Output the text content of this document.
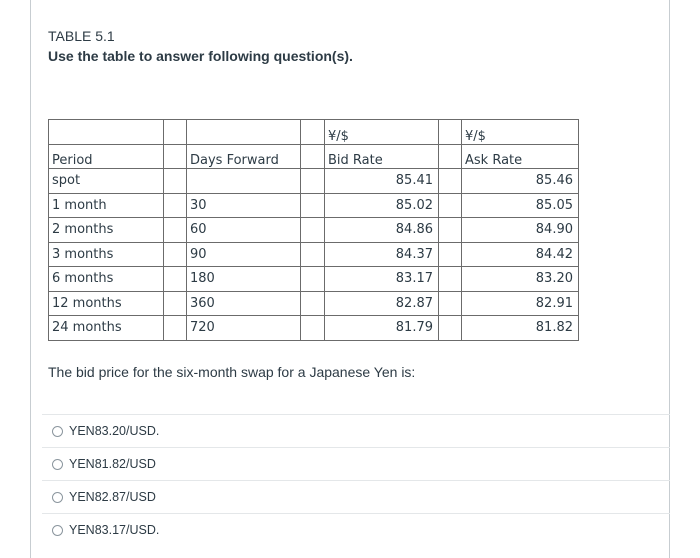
TABLE 5.1
Use the table to answer following question(s).
				¥/$		¥/$
Period		Days Forward		Bid Rate		Ask Rate
spot				85.41		85.46
1 month		30		85.02		85.05
2 months		60		84.86		84.90
3 months		90		84.37		84.42
6 months		180		83.17		83.20
12 months		360		82.87		82.91
24 months		720		81.79		81.82
The bid price for the six-month swap for a Japanese Yen is:
YEN83.20/USD.
YEN81.82/USD
YEN82.87/USD
YEN83.17/USD.
